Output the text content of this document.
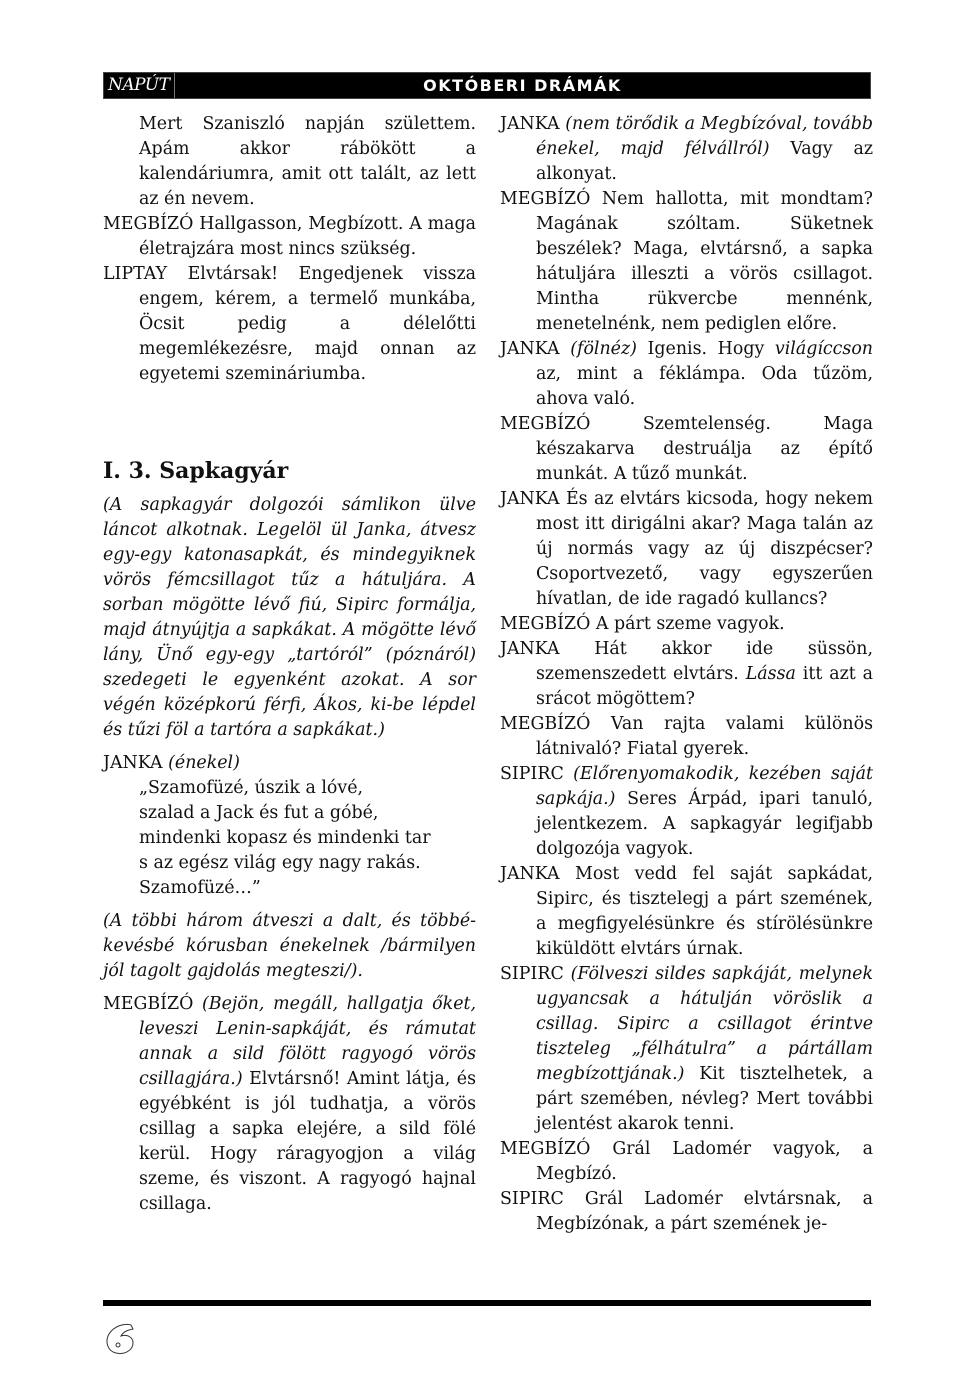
NAPÚT	OKTÓBERI DRÁMÁK

Mert Szaniszló napján születtem. Apám akkor rábökött a kalendáriumra, amit ott talált, az lett az én nevem.

MEGBÍZÓ Hallgasson, Megbízott. A maga életrajzára most nincs szükség.

LIPTAY Elvtársak! Engedjenek vissza engem, kérem, a termelő munkába, Öcsit pedig a délelőtti megemlékezésre, majd onnan az egyetemi szemináriumba.

I. 3. Sapkagyár

(A sapkagyár dolgozói sámlikon ülve láncot alkotnak. Legelöl ül Janka, átvesz egy-egy katonasapkát, és mindegyiknek vörös fémcsillagot tűz a hátuljára. A sorban mögötte lévő fiú, Sipirc formálja, majd átnyújtja a sapkákat. A mögötte lévő lány, Ünő egy-egy „tartóról” (póznáról) szedegeti le egyenként azokat. A sor végén középkorú férfi, Ákos, ki-be lépdel és tűzi föl a tartóra a sapkákat.)

JANKA (énekel)

„Szamofüzé, úszik a lóvé,
szalad a Jack és fut a góbé,
mindenki kopasz és mindenki tar
s az egész világ egy nagy rakás.
Szamofüzé…”

(A többi három átveszi a dalt, és többé-kevésbé kórusban énekelnek /bármilyen jól tagolt gajdolás megteszi/).

MEGBÍZÓ (Bejön, megáll, hallgatja őket, leveszi Lenin-sapkáját, és rámutat annak a sild fölött ragyogó vörös csillagjára.) Elvtársnő! Amint látja, és egyébként is jól tudhatja, a vörös csillag a sapka elejére, a sild fölé kerül. Hogy ráragyogjon a világ szeme, és viszont. A ragyogó hajnal csillaga.

JANKA (nem törődik a Megbízóval, tovább énekel, majd félvállról) Vagy az alkonyat.

MEGBÍZÓ Nem hallotta, mit mondtam? Magának szóltam. Süketnek beszélek? Maga, elvtársnő, a sapka hátuljára illeszti a vörös csillagot. Mintha rükvercbe mennénk, menetelnénk, nem pediglen előre.

JANKA (fölnéz) Igenis. Hogy világíccson az, mint a féklámpa. Oda tűzöm, ahova való.

MEGBÍZÓ	Szemtelenség. Maga készakarva destruálja az építő munkát. A tűző munkát.

JANKA És az elvtárs kicsoda, hogy nekem most itt dirigálni akar? Maga talán az új normás vagy az új diszpécser? Csoportvezető, vagy egyszerűen hívatlan, de ide ragadó kullancs?

MEGBÍZÓ A párt szeme vagyok.

JANKA Hát akkor ide süssön, szemenszedett elvtárs. Lássa itt azt a srácot mögöttem?

MEGBÍZÓ Van rajta valami különös látnivaló? Fiatal gyerek.

SIPIRC (Előrenyomakodik, kezében saját sapkája.) Seres Árpád, ipari tanuló, jelentkezem. A sapkagyár legifjabb dolgozója vagyok.

JANKA Most vedd fel saját sapkádat, Sipirc, és tisztelegj a párt szemének, a megfigyelésünkre és stírölésünkre kiküldött elvtárs úrnak.

SIPIRC (Fölveszi sildes sapkáját, melynek ugyancsak a hátulján vöröslik a csillag. Sipirc a csillagot érintve tiszteleg „félhátulra” a pártállam megbízottjának.) Kit tisztelhetek, a párt szemében, névleg? Mert további jelentést akarok tenni.

MEGBÍZÓ Grál Ladomér vagyok, a Megbízó.

SIPIRC Grál Ladomér elvtársnak, a Megbízónak, a párt szemének je-
